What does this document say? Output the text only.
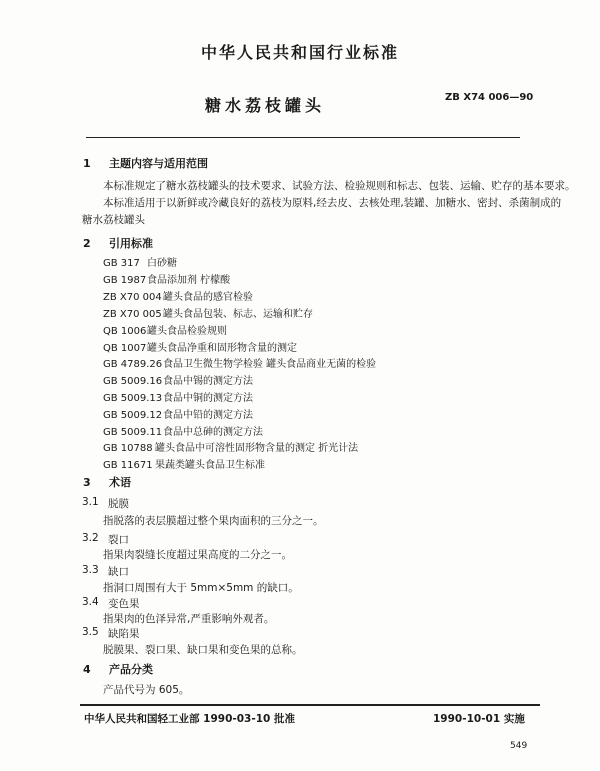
中华人民共和国行业标准
糖水荔枝罐头	ZB X74 006—90
1 主题内容与适用范围
本标准规定了糖水荔枝罐头的技术要求、试验方法、检验规则和标志、包装、运输、贮存的基本要求。
本标准适用于以新鲜或冷藏良好的荔枝为原料,经去皮、去核处理,装罐、加糖水、密封、杀菌制成的
糖水荔枝罐头
2 引用标准
GB 317 白砂糖
GB 1987食品添加剂 柠檬酸
ZB X70 004罐头食品的感官检验
ZB X70 005罐头食品包装、标志、运输和贮存
QB 1006罐头食品检验规则
QB 1007罐头食品净重和固形物含量的测定
GB 4789.26食品卫生微生物学检验 罐头食品商业无菌的检验
GB 5009.16食品中锡的测定方法
GB 5009.13食品中铜的测定方法
GB 5009.12食品中铅的测定方法
GB 5009.11食品中总砷的测定方法
GB 10788 罐头食品中可溶性固形物含量的测定 折光计法
GB 11671 果蔬类罐头食品卫生标准
3 术语
3.1 脱膜
指脱落的表层膜超过整个果肉面积的三分之一。
3.2 裂口
指果肉裂缝长度超过果高度的二分之一。
3.3 缺口
指洞口周围有大于 5mm×5mm 的缺口。
3.4 变色果
指果肉的色泽异常,严重影响外观者。
3.5 缺陷果
脱膜果、裂口果、缺口果和变色果的总称。
4 产品分类
产品代号为 605。
中华人民共和国轻工业部 1990-03-10 批准	1990-10-01 实施
549
